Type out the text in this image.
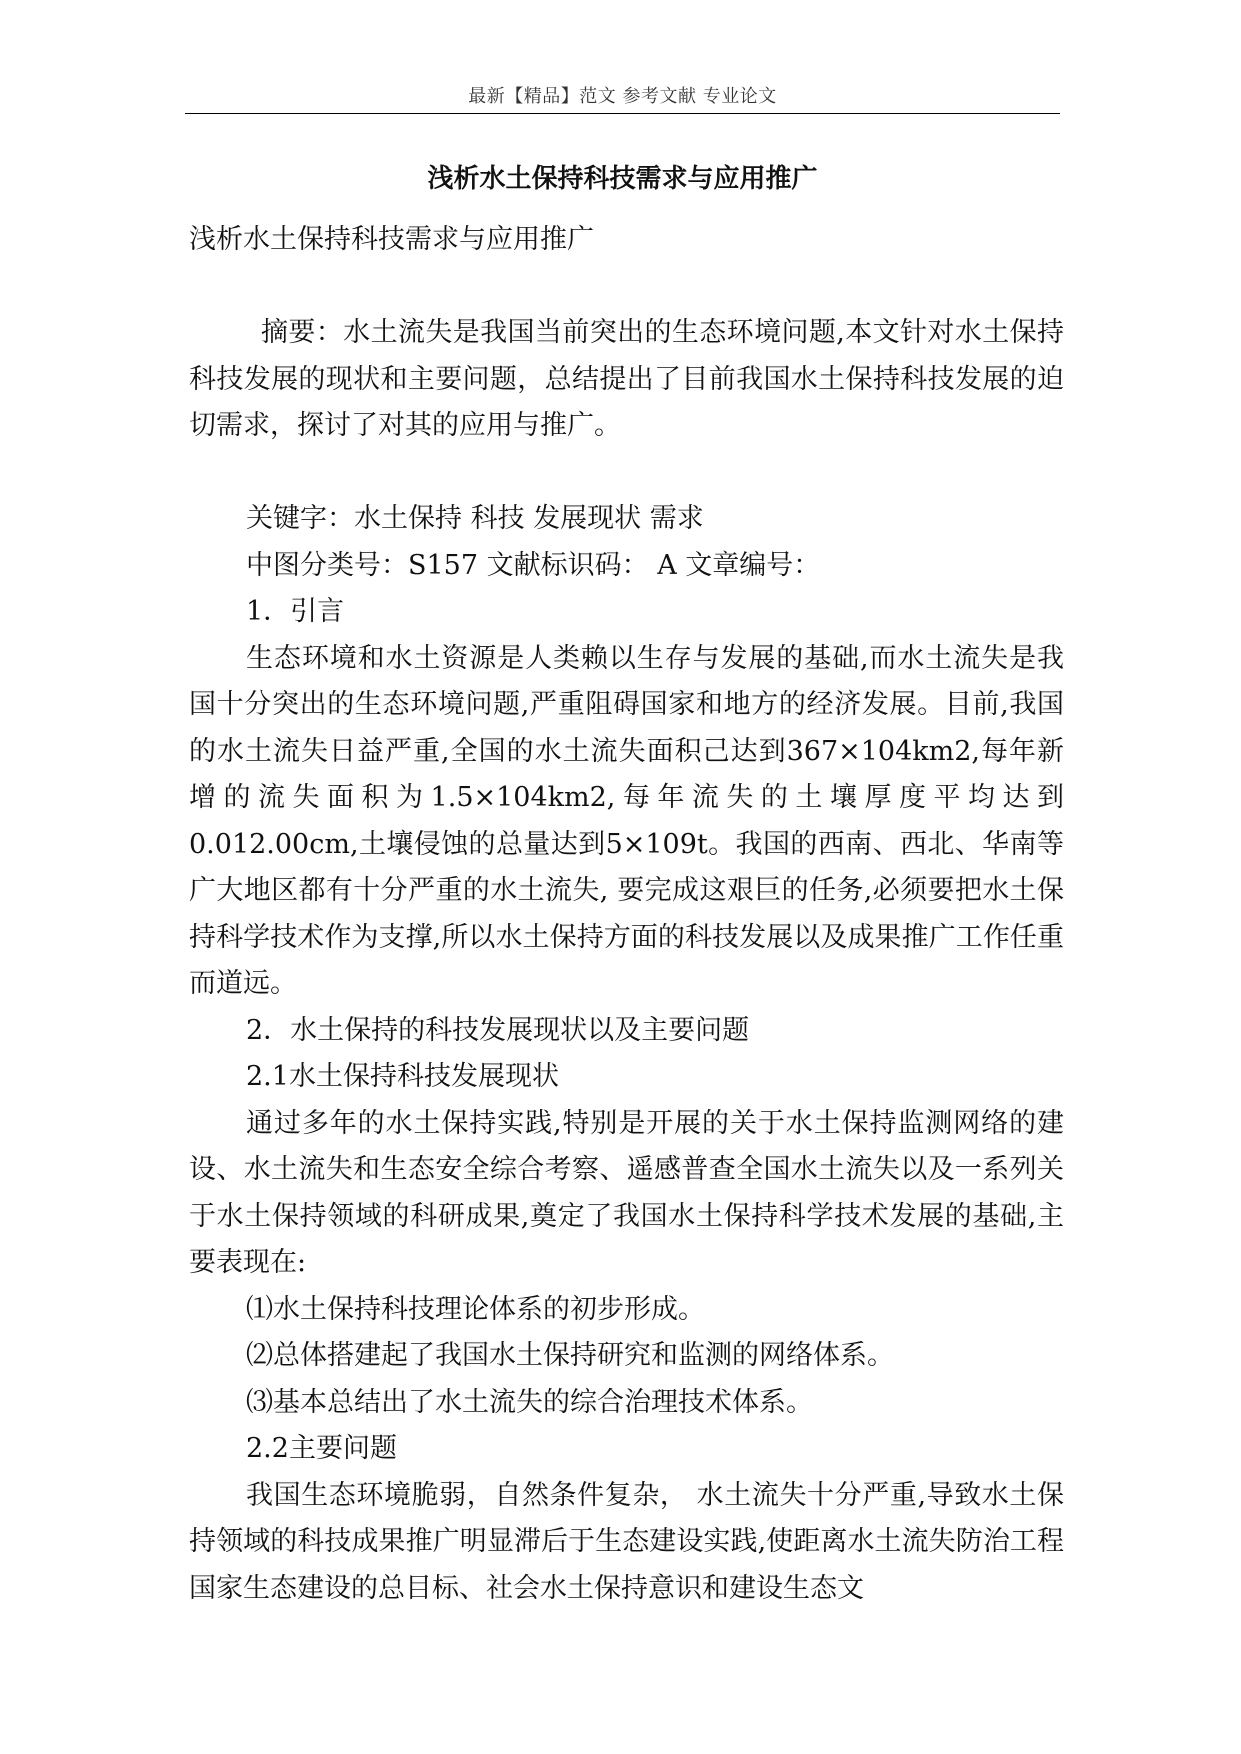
最新【精品】范文 参考文献 专业论文
浅析水土保持科技需求与应用推广

浅析水土保持科技需求与应用推广

摘要：水土流失是我国当前突出的生态环境问题,本文针对水土保持科技发展的现状和主要问题，总结提出了目前我国水土保持科技发展的迫切需求，探讨了对其的应用与推广。

关键字：水土保持 科技 发展现状 需求

中图分类号：S157 文献标识码： A 文章编号：

1．引言

生态环境和水土资源是人类赖以生存与发展的基础,而水土流失是我国十分突出的生态环境问题,严重阻碍国家和地方的经济发展。目前,我国的水土流失日益严重,全国的水土流失面积己达到367×104km2,每年新增的流失面积为1.5×104km2,每年流失的土壤厚度平均达到0.012.00cm,土壤侵蚀的总量达到5×109t。我国的西南、西北、华南等广大地区都有十分严重的水土流失, 要完成这艰巨的任务,必须要把水土保持科学技术作为支撑,所以水土保持方面的科技发展以及成果推广工作任重而道远。

2．水土保持的科技发展现状以及主要问题

2.1水土保持科技发展现状

通过多年的水土保持实践,特别是开展的关于水土保持监测网络的建设、水土流失和生态安全综合考察、遥感普查全国水土流失以及一系列关于水土保持领域的科研成果,奠定了我国水土保持科学技术发展的基础,主要表现在:

⑴水土保持科技理论体系的初步形成。

⑵总体搭建起了我国水土保持研究和监测的网络体系。

⑶基本总结出了水土流失的综合治理技术体系。

2.2主要问题

我国生态环境脆弱，自然条件复杂， 水土流失十分严重,导致水土保持领域的科技成果推广明显滞后于生态建设实践,使距离水土流失防治工程国家生态建设的总目标、社会水土保持意识和建设生态文
